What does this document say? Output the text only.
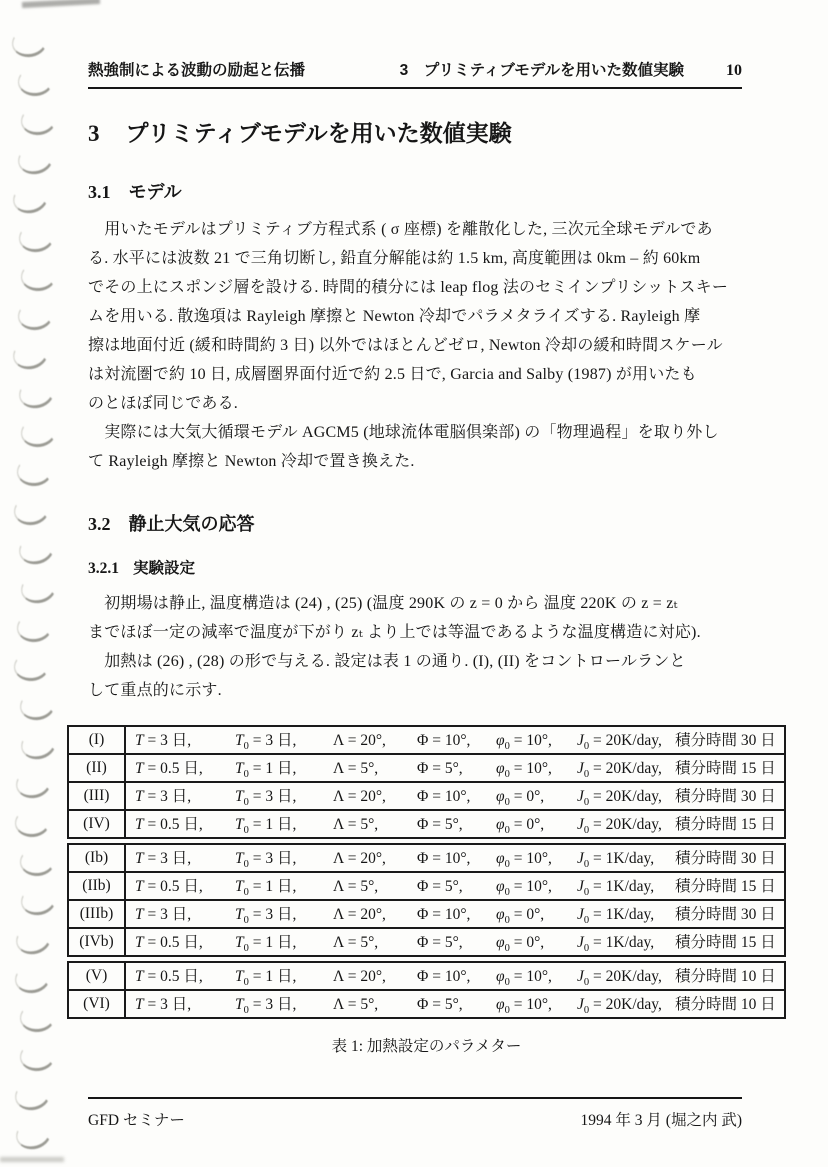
熱強制による波動の励起と伝播	3　プリミティブモデルを用いた数値実験	10
3 プリミティブモデルを用いた数値実験
3.1 モデル
　用いたモデルはプリミティブ方程式系 ( σ 座標) を離散化した, 三次元全球モデルであ
る. 水平には波数 21 で三角切断し, 鉛直分解能は約 1.5 km, 高度範囲は 0km – 約 60km
でその上にスポンジ層を設ける. 時間的積分には leap flog 法のセミインプリシットスキー
ムを用いる. 散逸項は Rayleigh 摩擦と Newton 冷却でパラメタライズする. Rayleigh 摩
擦は地面付近 (緩和時間約 3 日) 以外ではほとんどゼロ, Newton 冷却の緩和時間スケール
は対流圏で約 10 日, 成層圏界面付近で約 2.5 日で, Garcia and Salby (1987) が用いたも
のとほぼ同じである.
　実際には大気大循環モデル AGCM5 (地球流体電脳倶楽部) の「物理過程」を取り外し
て Rayleigh 摩擦と Newton 冷却で置き換えた.
3.2 静止大気の応答
3.2.1 実験設定
　初期場は静止, 温度構造は (24) , (25) (温度 290K の z = 0 から 温度 220K の z = zₜ
までほぼ一定の減率で温度が下がり zₜ より上では等温であるような温度構造に対応).
　加熱は (26) , (28) の形で与える. 設定は表 1 の通り. (I), (II) をコントロールランと
して重点的に示す.
(I)	T = 3 日,	$T_0 = 3$ 日,	Λ = 20°,	Φ = 10°,	$\varphi_0 = 10^\circ$,	$J_0 = 20K/day$, 積分時間 30 日
(II)	T = 0.5 日,	$T_0 = 1$ 日,	Λ = 5°,	Φ = 5°,	$\varphi_0 = 10^\circ$,	$J_0 = 20K/day$, 積分時間 15 日
(III)	T = 3 日,	$T_0 = 3$ 日,	Λ = 20°,	Φ = 10°,	$\varphi_0 = 0^\circ$,	$J_0 = 20K/day$, 積分時間 30 日
(IV)	T = 0.5 日,	$T_0 = 1$ 日,	Λ = 5°,	Φ = 5°,	$\varphi_0 = 0^\circ$,	$J_0 = 20K/day$, 積分時間 15 日
(Ib)	T = 3 日,	$T_0 = 3$ 日,	Λ = 20°,	Φ = 10°,	$\varphi_0 = 10^\circ$,	$J_0 = 1K/day$,	積分時間 30 日
(IIb)	T = 0.5 日,	$T_0 = 1$ 日,	Λ = 5°,	Φ = 5°,	$\varphi_0 = 10^\circ$,	$J_0 = 1K/day$,	積分時間 15 日
(IIIb)	T = 3 日,	$T_0 = 3$ 日,	Λ = 20°,	Φ = 10°,	$\varphi_0 = 0^\circ$,	$J_0 = 1K/day$,	積分時間 30 日
(IVb)	T = 0.5 日,	$T_0 = 1$ 日,	Λ = 5°,	Φ = 5°,	$\varphi_0 = 0^\circ$,	$J_0 = 1K/day$,	積分時間 15 日
(V)	T = 0.5 日,	$T_0 = 1$ 日,	Λ = 20°,	Φ = 10°,	$\varphi_0 = 10^\circ$,	$J_0 = 20K/day$, 積分時間 10 日
(VI)	T = 3 日,	$T_0 = 3$ 日,	Λ = 5°,	Φ = 5°,	$\varphi_0 = 10^\circ$,	$J_0 = 20K/day$, 積分時間 10 日
表 1: 加熱設定のパラメター
GFD セミナー	1994 年 3 月 (堀之内 武)
